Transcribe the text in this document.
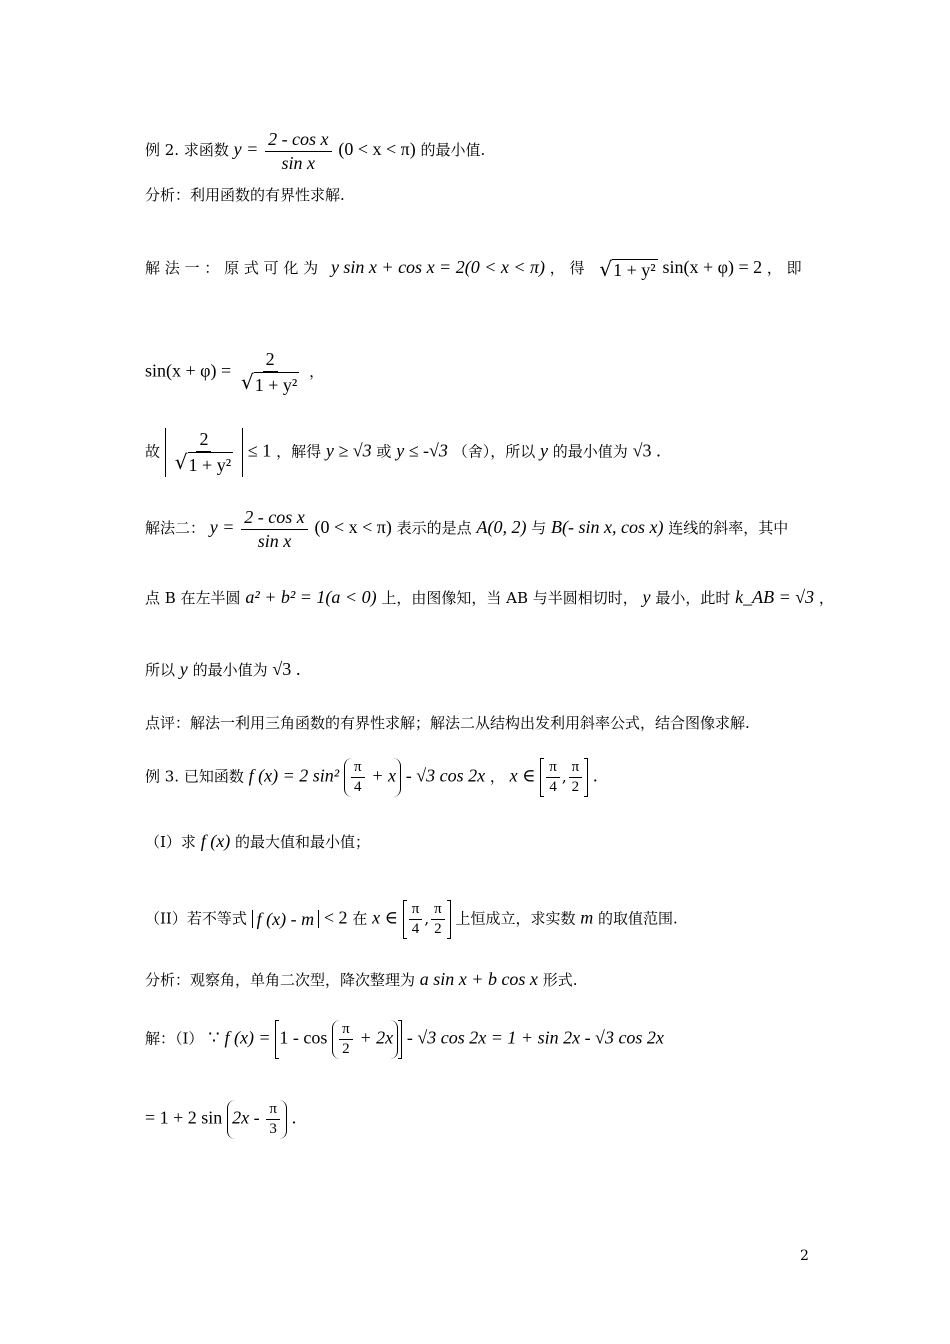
例 2. 求函数 $y = \frac{\text{2 - cos x}}{\text{sin x}} (0 < x < \pi)$ 的最小值.
分析：利用函数的有界性求解.
解 法 一 ： 原 式 可 化 为 y sin x + cos x = 2(0 < x < π) ， 得 √ 1 + y² sin(x + φ) = 2 ， 即
$\sin(x + \varphi) = \frac{2}{\text{√ 1 + y²}}$ ，
故 $\frac{2}{\text{√ 1 + y²}} \le 1$ ，解得 y ≥ √3 或 y ≤ -√3 （舍），所以 y 的最小值为 √3 .
解法二： $y = \frac{\text{2 - cos x}}{\text{sin x}} (0 < x < \pi)$ 表示的是点 A(0, 2) 与 B(- sin x, cos x) 连线的斜率，其中
点 B 在左半圆 a² + b² = 1(a < 0) 上，由图像知，当 AB 与半圆相切时， y 最小，此时 k_AB = √3 ，
所以 y 的最小值为 √3 .
点评：解法一利用三角函数的有界性求解；解法二从结构出发利用斜率公式，结合图像求解.
例 3. 已知函数 f (x) = 2 $\sin^2 \frac{\pi}{4} + x - √3$ cos 2x ， x ∈ $\frac{\pi}{4}$ , $\frac{\pi}{2}$ .
（I）求 f (x) 的最大值和最小值；
（II）若不等式 f (x) - m < 2 在 x ∈ $\frac{\pi}{4}$ , $\frac{\pi}{2}$ 上恒成立，求实数 m 的取值范围.
分析：观察角，单角二次型，降次整理为 a sin x + b cos x 形式.
解：（I） ∵ f $(x) = 1 - \cos \frac{\pi}{2} + 2x - √3$ cos 2x = 1 + sin 2x - √3 cos 2x
= 1 + 2 $\sin 2x - \frac{\pi}{3}$ .
2
